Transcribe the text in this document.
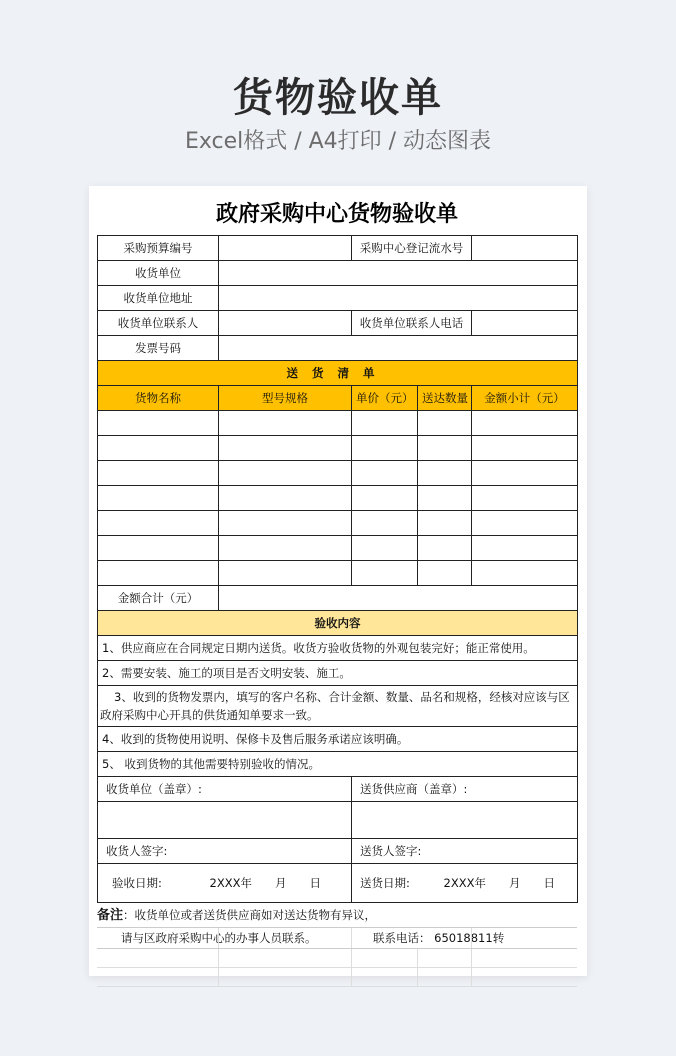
货物验收单
Excel格式 / A4打印 / 动态图表
政府采购中心货物验收单
采购预算编号		采购中心登记流水号		
收货单位				
收货单位地址				
收货单位联系人		收货单位联系人电话		
发票号码				
送货清单				
货物名称	型号规格	单价（元）	送达数量	金额小计（元）

金额合计（元）				
验收内容				
1、供应商应在合同规定日期内送货。收货方验收货物的外观包装完好；能正常使用。				
2、需要安装、施工的项目是否文明安装、施工。				
3、收到的货物发票内，填写的客户名称、合计金额、数量、品名和规格，经核对应该与区政府采购中心开具的供货通知单要求一致。				
4、收到的货物使用说明、保修卡及售后服务承诺应该明确。				
5、 收到货物的其他需要特别验收的情况。				
收货单位（盖章）:		送货供应商（盖章）:		

收货人签字:		送货人签字:		
验收日期: 2XXX年　　月　　日		送货日期: 2XXX年　　月　　日		
备注：收货单位或者送货供应商如对送达货物有异议，
请与区政府采购中心的办事人员联系。	联系电话： 65018811转
